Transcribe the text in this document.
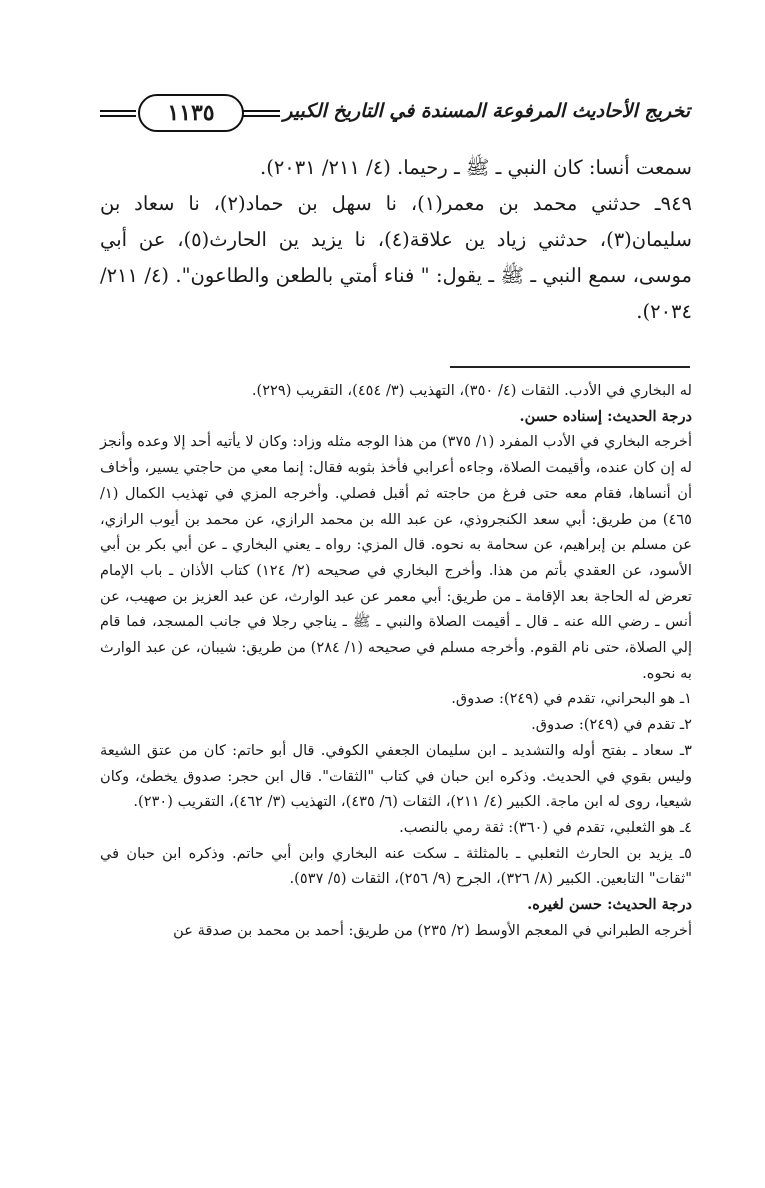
١١٣٥	تخريج الأحاديث المرفوعة المسندة في التاريخ الكبير

سمعت أنسا: كان النبي ـ ﷺ ـ رحيما. (٤/ ٢١١/ ٢٠٣١).

٩٤٩ـ حدثني محمد بن معمر(١)، نا سهل بن حماد(٢)، نا سعاد بن سليمان(٣)، حدثني زياد ين علاقة(٤)، نا يزيد ين الحارث(٥)، عن أبي موسى، سمع النبي ـ ﷺ ـ يقول: " فناء أمتي بالطعن والطاعون". (٤/ ٢١١/ ٢٠٣٤).

له البخاري في الأدب. الثقات (٤/ ٣٥٠)، التهذيب (٣/ ٤٥٤)، التقريب (٢٢٩).

درجة الحديث: إسناده حسن.

أخرجه البخاري في الأدب المفرد (١/ ٣٧٥) من هذا الوجه مثله وزاد: وكان لا يأتيه أحد إلا وعده وأنجز له إن كان عنده، وأقيمت الصلاة، وجاءه أعرابي فأخذ بثوبه فقال: إنما معي من حاجتي يسير، وأخاف أن أنساها، فقام معه حتى فرغ من حاجته ثم أقبل فصلي. وأخرجه المزي في تهذيب الكمال (١/ ٤٦٥) من طريق: أبي سعد الكنجروذي، عن عبد الله بن محمد الرازي، عن محمد بن أيوب الرازي، عن مسلم بن إبراهيم، عن سحامة به نحوه. قال المزي: رواه ـ يعني البخاري ـ عن أبي بكر بن أبي الأسود، عن العقدي بأتم من هذا. وأخرج البخاري في صحيحه (٢/ ١٢٤) كتاب الأذان ـ باب الإمام تعرض له الحاجة بعد الإقامة ـ من طريق: أبي معمر عن عبد الوارث، عن عبد العزيز بن صهيب، عن أنس ـ رضي الله عنه ـ قال ـ أقيمت الصلاة والنبي ـ ﷺ ـ يناجي رجلا في جانب المسجد، فما قام إلي الصلاة، حتى نام القوم. وأخرجه مسلم في صحيحه (١/ ٢٨٤) من طريق: شيبان، عن عبد الوارث به نحوه.

١ـ هو البحراني، تقدم في (٢٤٩): صدوق.

٢ـ تقدم في (٢٤٩): صدوق.

٣ـ سعاد ـ بفتح أوله والتشديد ـ ابن سليمان الجعفي الكوفي. قال أبو حاتم: كان من عتق الشيعة وليس بقوي في الحديث. وذكره ابن حبان في كتاب "الثقات". قال ابن حجر: صدوق يخطئ، وكان شيعيا، روى له ابن ماجة. الكبير (٤/ ٢١١)، الثقات (٦/ ٤٣٥)، التهذيب (٣/ ٤٦٢)، التقريب (٢٣٠).

٤ـ هو الثعلبي، تقدم في (٣٦٠): ثقة رمي بالنصب.

٥ـ يزيد بن الحارث الثعلبي ـ بالمثلثة ـ سكت عنه البخاري وابن أبي حاتم. وذكره ابن حبان في "ثقات" التابعين. الكبير (٨/ ٣٢٦)، الجرح (٩/ ٢٥٦)، الثقات (٥/ ٥٣٧).

درجة الحديث: حسن لغيره.

أخرجه الطبراني في المعجم الأوسط (٢/ ٢٣٥) من طريق: أحمد بن محمد بن صدقة عن
